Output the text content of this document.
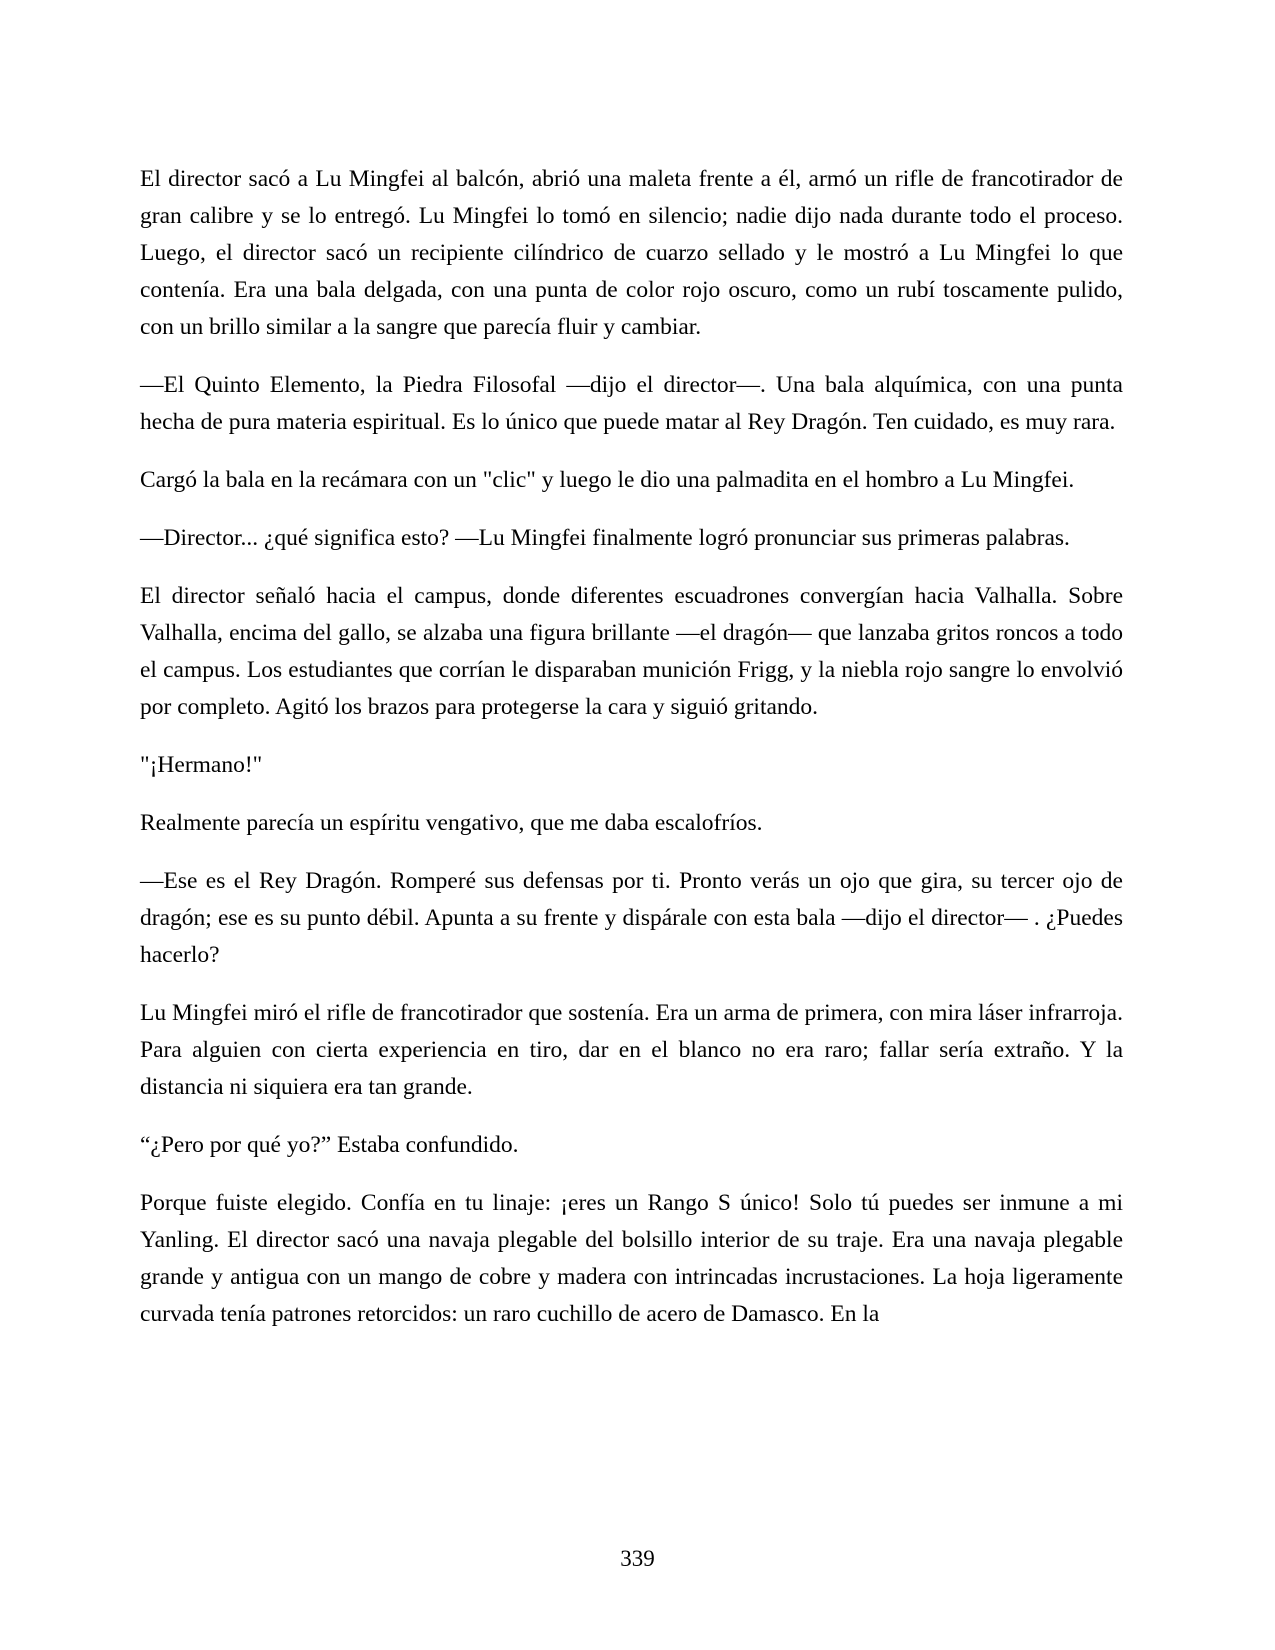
El director sacó a Lu Mingfei al balcón, abrió una maleta frente a él, armó un rifle de francotirador de gran calibre y se lo entregó. Lu Mingfei lo tomó en silencio; nadie dijo nada durante todo el proceso. Luego, el director sacó un recipiente cilíndrico de cuarzo sellado y le mostró a Lu Mingfei lo que contenía. Era una bala delgada, con una punta de color rojo oscuro, como un rubí toscamente pulido, con un brillo similar a la sangre que parecía fluir y cambiar.

—El Quinto Elemento, la Piedra Filosofal —dijo el director—. Una bala alquímica, con una punta hecha de pura materia espiritual. Es lo único que puede matar al Rey Dragón. Ten cuidado, es muy rara.

Cargó la bala en la recámara con un "clic" y luego le dio una palmadita en el hombro a Lu Mingfei.

—Director... ¿qué significa esto? —Lu Mingfei finalmente logró pronunciar sus primeras palabras.

El director señaló hacia el campus, donde diferentes escuadrones convergían hacia Valhalla. Sobre Valhalla, encima del gallo, se alzaba una figura brillante —el dragón— que lanzaba gritos roncos a todo el campus. Los estudiantes que corrían le disparaban munición Frigg, y la niebla rojo sangre lo envolvió por completo. Agitó los brazos para protegerse la cara y siguió gritando.

"¡Hermano!"

Realmente parecía un espíritu vengativo, que me daba escalofríos.

—Ese es el Rey Dragón. Romperé sus defensas por ti. Pronto verás un ojo que gira, su tercer ojo de dragón; ese es su punto débil. Apunta a su frente y dispárale con esta bala —dijo el director— . ¿Puedes hacerlo?

Lu Mingfei miró el rifle de francotirador que sostenía. Era un arma de primera, con mira láser infrarroja. Para alguien con cierta experiencia en tiro, dar en el blanco no era raro; fallar sería extraño. Y la distancia ni siquiera era tan grande.

“¿Pero por qué yo?” Estaba confundido.

Porque fuiste elegido. Confía en tu linaje: ¡eres un Rango S único! Solo tú puedes ser inmune a mi Yanling. El director sacó una navaja plegable del bolsillo interior de su traje. Era una navaja plegable grande y antigua con un mango de cobre y madera con intrincadas incrustaciones. La hoja ligeramente curvada tenía patrones retorcidos: un raro cuchillo de acero de Damasco. En la

339
